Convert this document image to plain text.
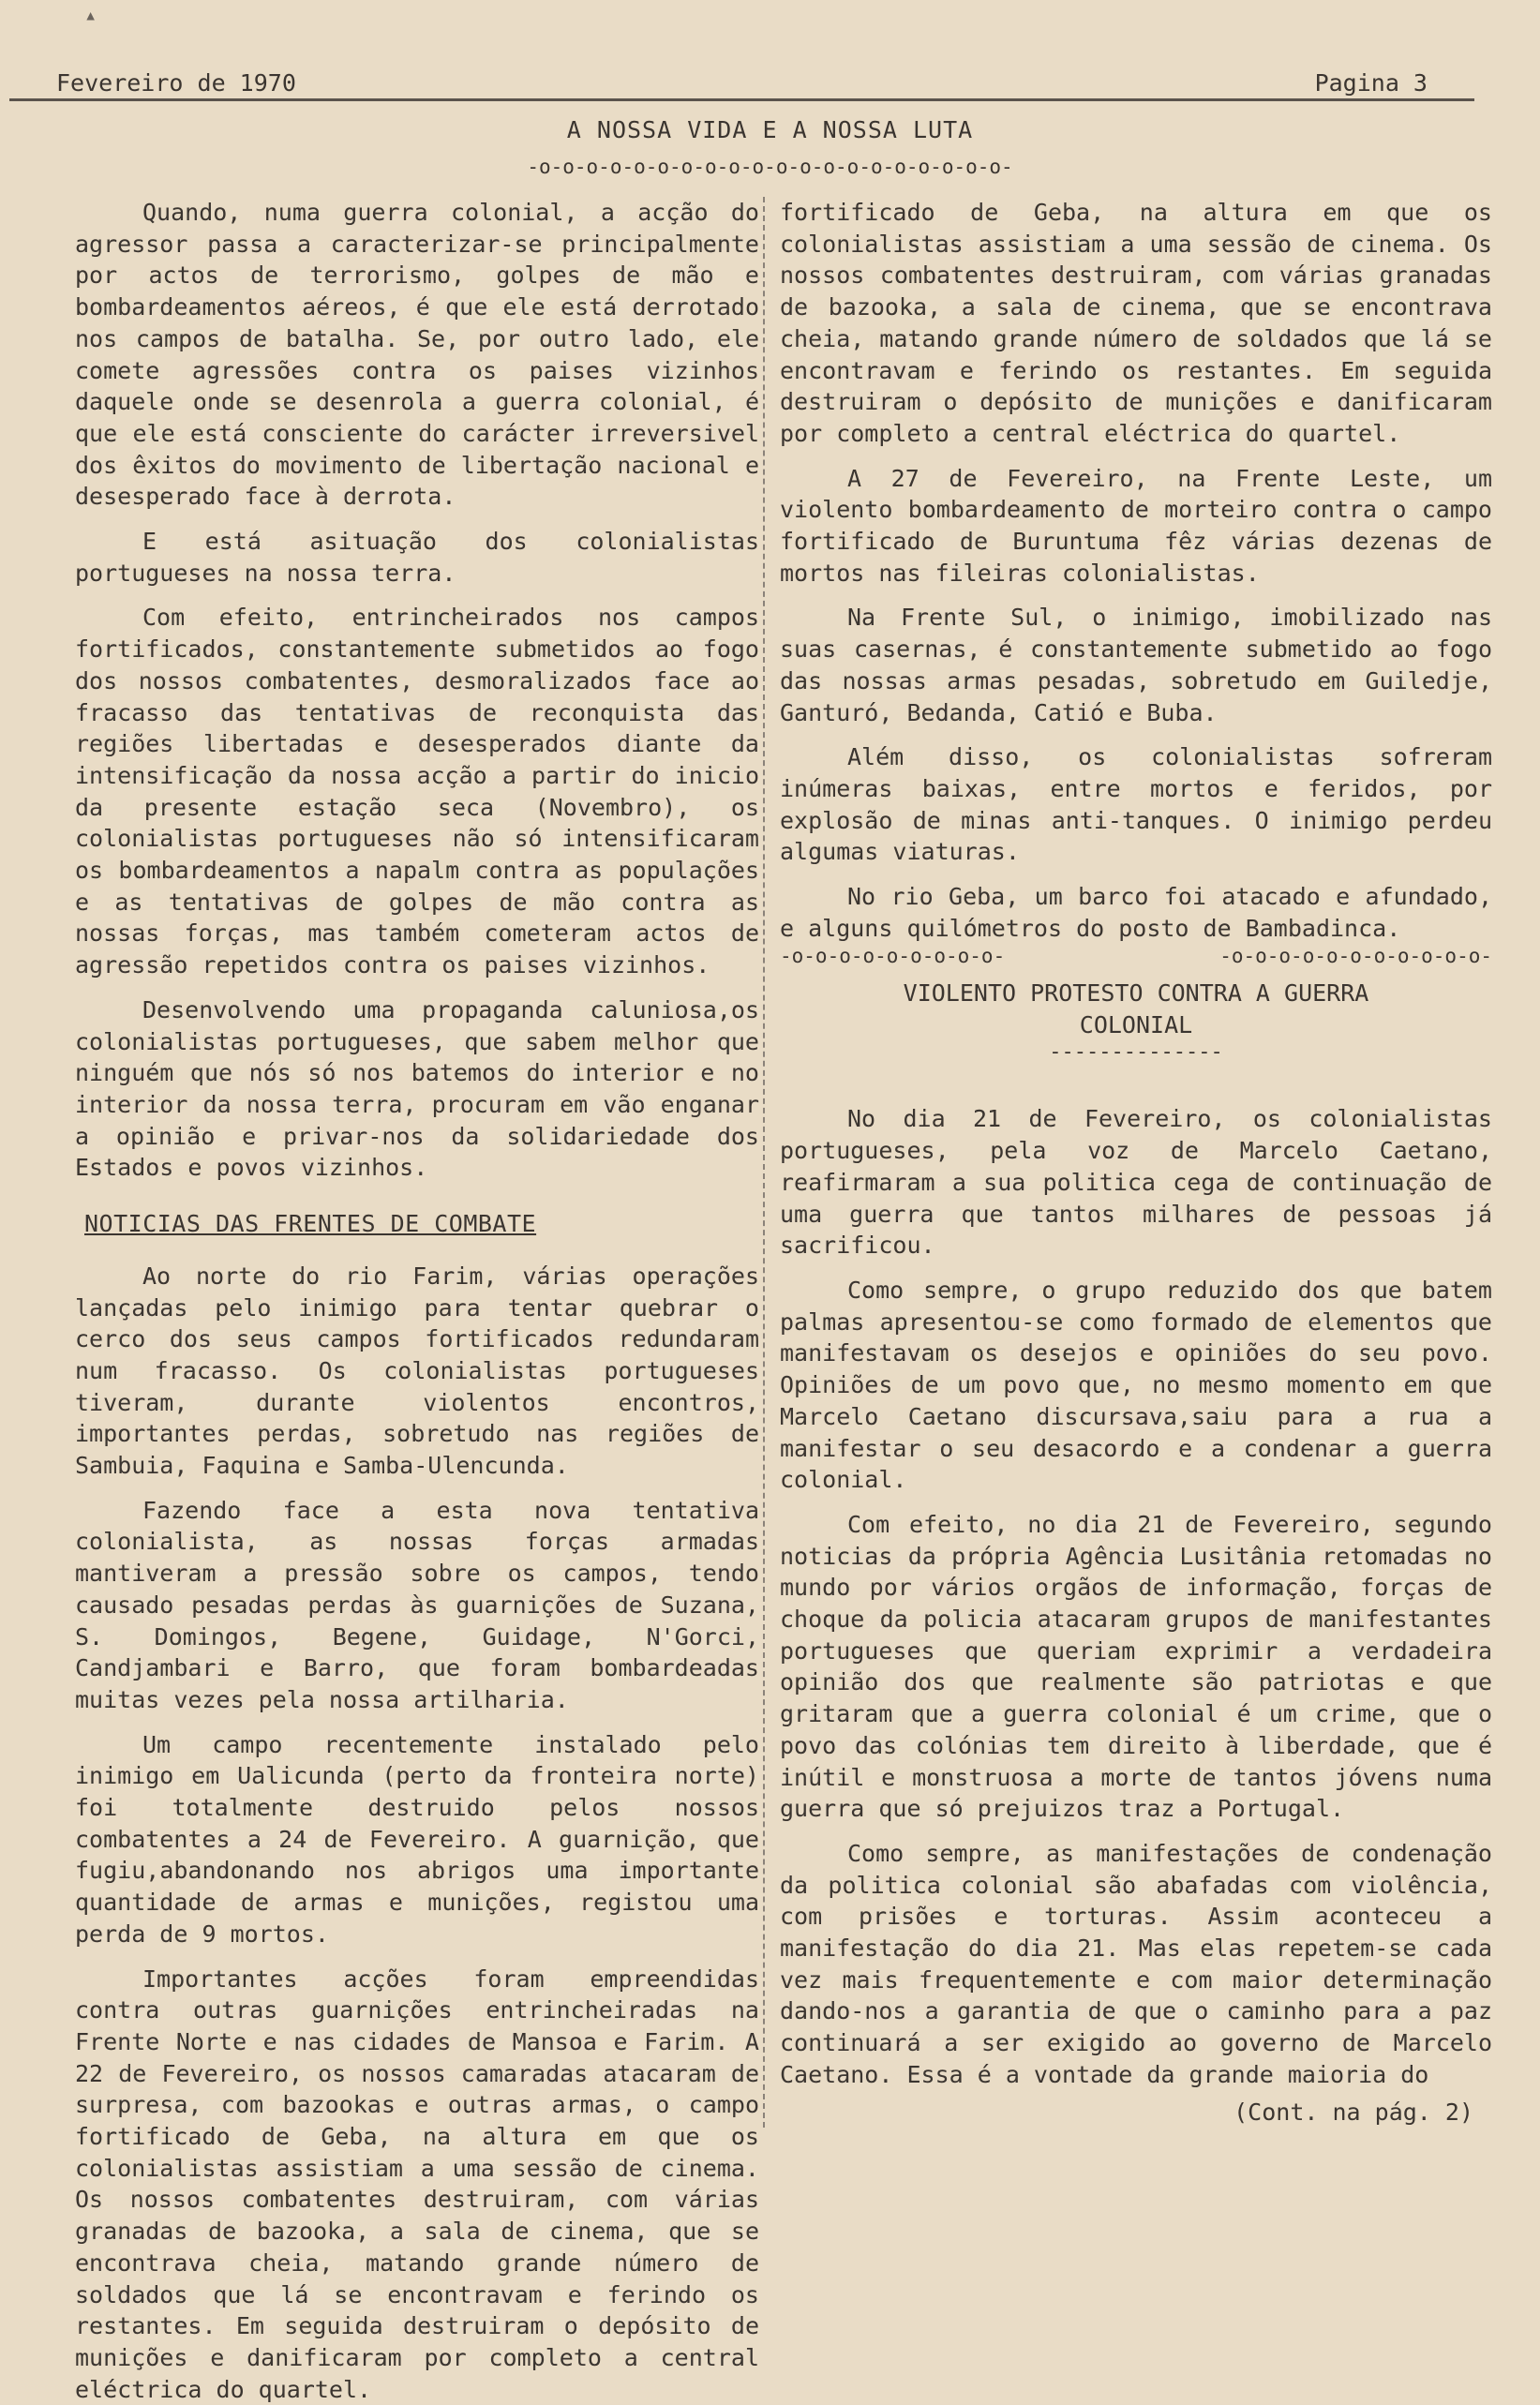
▴
Fevereiro de 1970	Pagina 3
A NOSSA VIDA E A NOSSA LUTA
-o-o-o-o-o-o-o-o-o-o-o-o-o-o-o-o-o-o-o-o-

Quando, numa guerra colonial, a acção do agressor passa a caracterizar-se principalmente por actos de terrorismo, golpes de mão e bombardeamentos aéreos, é que ele está derrotado nos campos de batalha. Se, por outro lado, ele comete agressões contra os paises vizinhos daquele onde se desenrola a guerra colonial, é que ele está consciente do carácter irreversivel dos êxitos do movimento de libertação nacional e desesperado face à derrota.

E está asituação dos colonialistas portugueses na nossa terra.

Com efeito, entrincheirados nos campos fortificados, constantemente submetidos ao fogo dos nossos combatentes, desmoralizados face ao fracasso das tentativas de reconquista das regiões libertadas e desesperados diante da intensificação da nossa acção a partir do inicio da presente estação seca (Novembro), os colonialistas portugueses não só intensificaram os bombardeamentos a napalm contra as populações e as tentativas de golpes de mão contra as nossas forças, mas também cometeram actos de agressão repetidos contra os paises vizinhos.

Desenvolvendo uma propaganda caluniosa,os colonialistas portugueses, que sabem melhor que ninguém que nós só nos batemos do interior e no interior da nossa terra, procuram em vão enganar a opinião e privar-nos da solidariedade dos Estados e povos vizinhos.

NOTICIAS DAS FRENTES DE COMBATE

Ao norte do rio Farim, várias operações lançadas pelo inimigo para tentar quebrar o cerco dos seus campos fortificados redundaram num fracasso. Os colonialistas portugueses tiveram, durante violentos encontros, importantes perdas, sobretudo nas regiões de Sambuia, Faquina e Samba-Ulencunda.

Fazendo face a esta nova tentativa colonialista, as nossas forças armadas mantiveram a pressão sobre os campos, tendo causado pesadas perdas às guarnições de Suzana, S. Domingos, Begene, Guidage, N'Gorci, Candjambari e Barro, que foram bombardeadas muitas vezes pela nossa artilharia.

Um campo recentemente instalado pelo inimigo em Ualicunda (perto da fronteira norte) foi totalmente destruido pelos nossos combatentes a 24 de Fevereiro. A guarnição, que fugiu,abandonando nos abrigos uma importante quantidade de armas e munições, registou uma perda de 9 mortos.

Importantes acções foram empreendidas contra outras guarnições entrincheiradas na Frente Norte e nas cidades de Mansoa e Farim. A 22 de Fevereiro, os nossos camaradas atacaram de surpresa, com bazookas e outras armas, o campo fortificado de Geba, na altura em que os colonialistas assistiam a uma sessão de cinema. Os nossos combatentes destruiram, com várias granadas de bazooka, a sala de cinema, que se encontrava cheia, matando grande número de soldados que lá se encontravam e ferindo os restantes. Em seguida destruiram o depósito de munições e danificaram por completo a central eléctrica do quartel.

fortificado de Geba, na altura em que os colonialistas assistiam a uma sessão de cinema. Os nossos combatentes destruiram, com várias granadas de bazooka, a sala de cinema, que se encontrava cheia, matando grande número de soldados que lá se encontravam e ferindo os restantes. Em seguida destruiram o depósito de munições e danificaram por completo a central eléctrica do quartel.

A 27 de Fevereiro, na Frente Leste, um violento bombardeamento de morteiro contra o campo fortificado de Buruntuma fêz várias dezenas de mortos nas fileiras colonialistas.

Na Frente Sul, o inimigo, imobilizado nas suas casernas, é constantemente submetido ao fogo das nossas armas pesadas, sobretudo em Guiledje, Ganturó, Bedanda, Catió e Buba.

Além disso, os colonialistas sofreram inúmeras baixas, entre mortos e feridos, por explosão de minas anti-tanques. O inimigo perdeu algumas viaturas.

No rio Geba, um barco foi atacado e afundado, e alguns quilómetros do posto de Bambadinca.

-o-o-o-o-o-o-o-o-o-	-o-o-o-o-o-o-o-o-o-o-o-
VIOLENTO PROTESTO CONTRA A GUERRA
COLONIAL
--------------

No dia 21 de Fevereiro, os colonialistas portugueses, pela voz de Marcelo Caetano, reafirmaram a sua politica cega de continuação de uma guerra que tantos milhares de pessoas já sacrificou.

Como sempre, o grupo reduzido dos que batem palmas apresentou-se como formado de elementos que manifestavam os desejos e opiniões do seu povo. Opiniões de um povo que, no mesmo momento em que Marcelo Caetano discursava,saiu para a rua a manifestar o seu desacordo e a condenar a guerra colonial.

Com efeito, no dia 21 de Fevereiro, segundo noticias da própria Agência Lusitânia retomadas no mundo por vários orgãos de informação, forças de choque da policia atacaram grupos de manifestantes portugueses que queriam exprimir a verdadeira opinião dos que realmente são patriotas e que gritaram que a guerra colonial é um crime, que o povo das colónias tem direito à liberdade, que é inútil e monstruosa a morte de tantos jóvens numa guerra que só prejuizos traz a Portugal.

Como sempre, as manifestações de condenação da politica colonial são abafadas com violência, com prisões e torturas. Assim aconteceu a manifestação do dia 21. Mas elas repetem-se cada vez mais frequentemente e com maior determinação dando-nos a garantia de que o caminho para a paz continuará a ser exigido ao governo de Marcelo Caetano. Essa é a vontade da grande maioria do

(Cont. na pág. 2)
